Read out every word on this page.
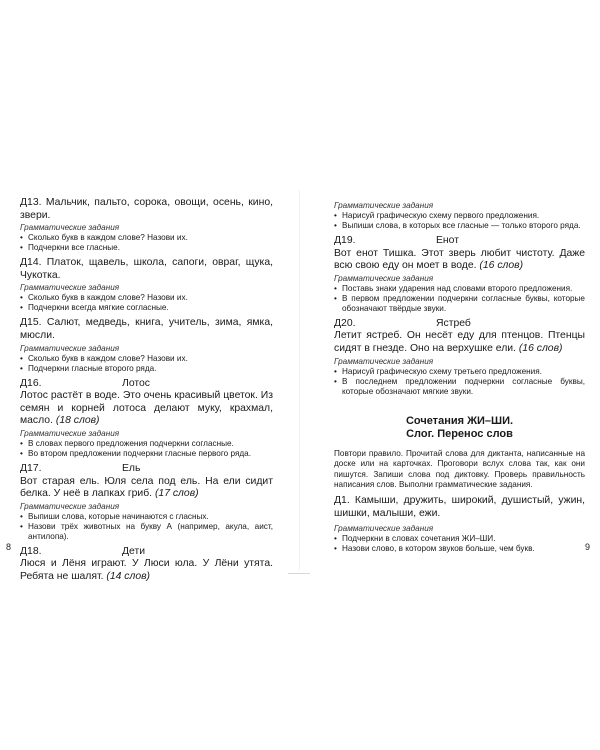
Д13. Мальчик, пальто, сорока, овощи, осень, кино, звери.

Грамматические задания
• Сколько букв в каждом слове? Назови их.
• Подчеркни все гласные.

Д14. Платок, щавель, школа, сапоги, овраг, щука, Чукотка.

Грамматические задания
• Сколько букв в каждом слове? Назови их.
• Подчеркни всегда мягкие согласные.

Д15. Салют, медведь, книга, учитель, зима, ямка, мюсли.

Грамматические задания
• Сколько букв в каждом слове? Назови их.
• Подчеркни гласные второго ряда.
Д16.	Лотос

Лотос растёт в воде. Это очень красивый цветок. Из семян и корней лотоса делают муку, крахмал, масло. (18 слов)

Грамматические задания
• В словах первого предложения подчеркни согласные.
• Во втором предложении подчеркни гласные первого ряда.
Д17.	Ель

Вот старая ель. Юля села под ель. На ели сидит белка. У неё в лапках гриб. (17 слов)

Грамматические задания
• Выпиши слова, которые начинаются с гласных.
• Назови трёх животных на букву А (например, акула, аист, антилопа).
Д18.	Дети

Люся и Лёня играют. У Люси юла. У Лёни утята. Ребята не шалят. (14 слов)

8
Грамматические задания
• Нарисуй графическую схему первого предложения.
• Выпиши слова, в которых все гласные — только второго ряда.
Д19.	Енот

Вот енот Тишка. Этот зверь любит чистоту. Даже всю свою еду он моет в воде. (16 слов)

Грамматические задания
• Поставь знаки ударения над словами второго предложения.
• В первом предложении подчеркни согласные буквы, которые обозначают твёрдые звуки.
Д20.	Ястреб

Летит ястреб. Он несёт еду для птенцов. Птенцы сидят в гнезде. Оно на верхушке ели. (16 слов)

Грамматические задания
• Нарисуй графическую схему третьего предложения.
• В последнем предложении подчеркни согласные буквы, которые обозначают мягкие звуки.
Сочетания ЖИ–ШИ.
Слог. Перенос слов

Повтори правило. Прочитай слова для диктанта, написанные на доске или на карточках. Проговори вслух слова так, как они пишутся. Запиши слова под диктовку. Проверь правильность написания слов. Выполни грамматические задания.

Д1. Камыши, дружить, широкий, душистый, ужин, шишки, малыши, ежи.

Грамматические задания
• Подчеркни в словах сочетания ЖИ–ШИ.
• Назови слово, в котором звуков больше, чем букв.	9
